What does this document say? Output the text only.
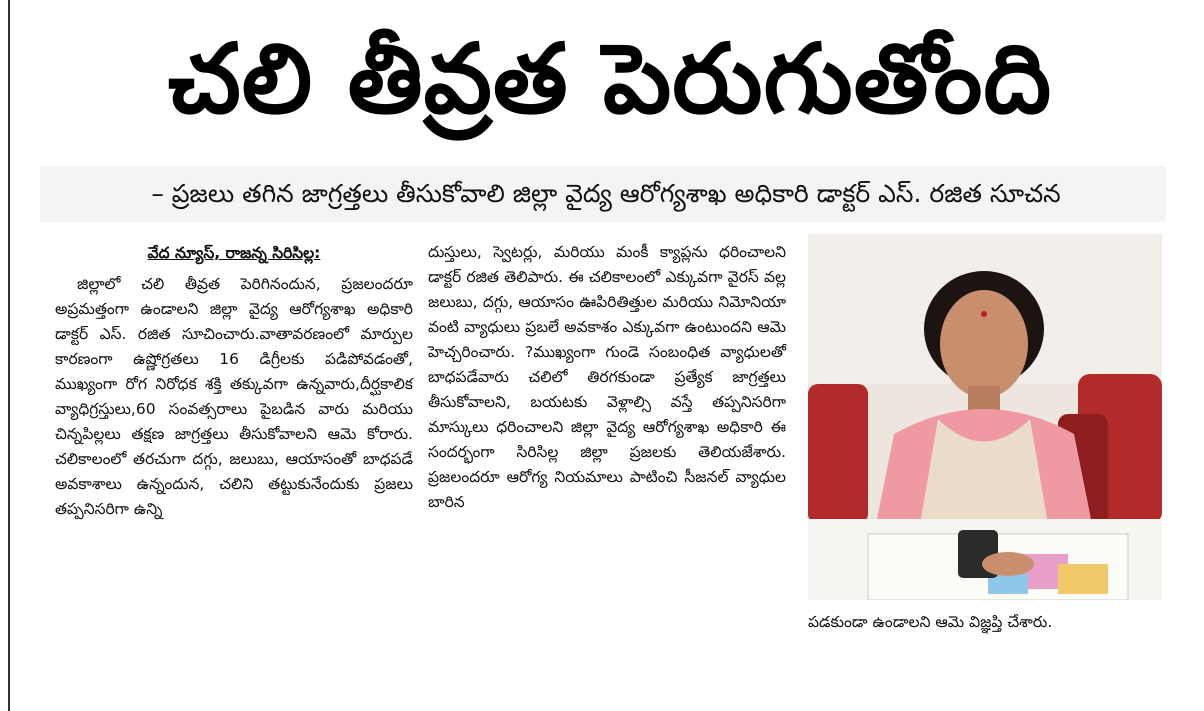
చలి తీవ్రత పెరుగుతోంది
– ప్రజలు తగిన జాగ్రత్తలు తీసుకోవాలి జిల్లా వైద్య ఆరోగ్యశాఖ అధికారి డాక్టర్ ఎస్. రజిత సూచన
వేద న్యూస్, రాజన్న సిరిసిల్ల:

జిల్లాలో చలి తీవ్రత పెరిగినందున, ప్రజలందరూ అప్రమత్తంగా ఉండాలని జిల్లా వైద్య ఆరోగ్యశాఖ అధికారి డాక్టర్ ఎస్. రజిత సూచించారు.వాతావరణంలో మార్పుల కారణంగా ఉష్ణోగ్రతలు 16 డిగ్రీలకు పడిపోవడంతో, ముఖ్యంగా రోగ నిరోధక శక్తి తక్కువగా ఉన్నవారు,దీర్ఘకాలిక వ్యాధిగ్రస్తులు,60 సంవత్సరాలు పైబడిన వారు మరియు చిన్నపిల్లలు తక్షణ జాగ్రత్తలు తీసుకోవాలని ఆమె కోరారు. చలికాలంలో తరచుగా దగ్గు, జలుబు, ఆయాసంతో బాధపడే అవకాశాలు ఉన్నందున, చలిని తట్టుకునేందుకు ప్రజలు తప్పనిసరిగా ఉన్ని

దుస్తులు, స్వెటర్లు, మరియు మంకీ క్యాప్లను ధరించాలని డాక్టర్ రజిత తెలిపారు. ఈ చలికాలంలో ఎక్కువగా వైరస్ వల్ల జలుబు, దగ్గు, ఆయాసం ఊపిరితిత్తుల మరియు నిమోనియా వంటి వ్యాధులు ప్రబలే అవకాశం ఎక్కువగా ఉంటుందని ఆమె హెచ్చరించారు. ?ముఖ్యంగా గుండె సంబంధిత వ్యాధులతో బాధపడేవారు చలిలో తిరగకుండా ప్రత్యేక జాగ్రత్తలు తీసుకోవాలని, బయటకు వెళ్లాల్సి వస్తే తప్పనిసరిగా మాస్కులు ధరించాలని జిల్లా వైద్య ఆరోగ్యశాఖ అధికారి ఈ సందర్భంగా సిరిసిల్ల జిల్లా ప్రజలకు తెలియజేశారు. ప్రజలందరూ ఆరోగ్య నియమాలు పాటించి సీజనల్ వ్యాధుల బారిన

పడకుండా ఉండాలని ఆమె విజ్ఞప్తి చేశారు.
